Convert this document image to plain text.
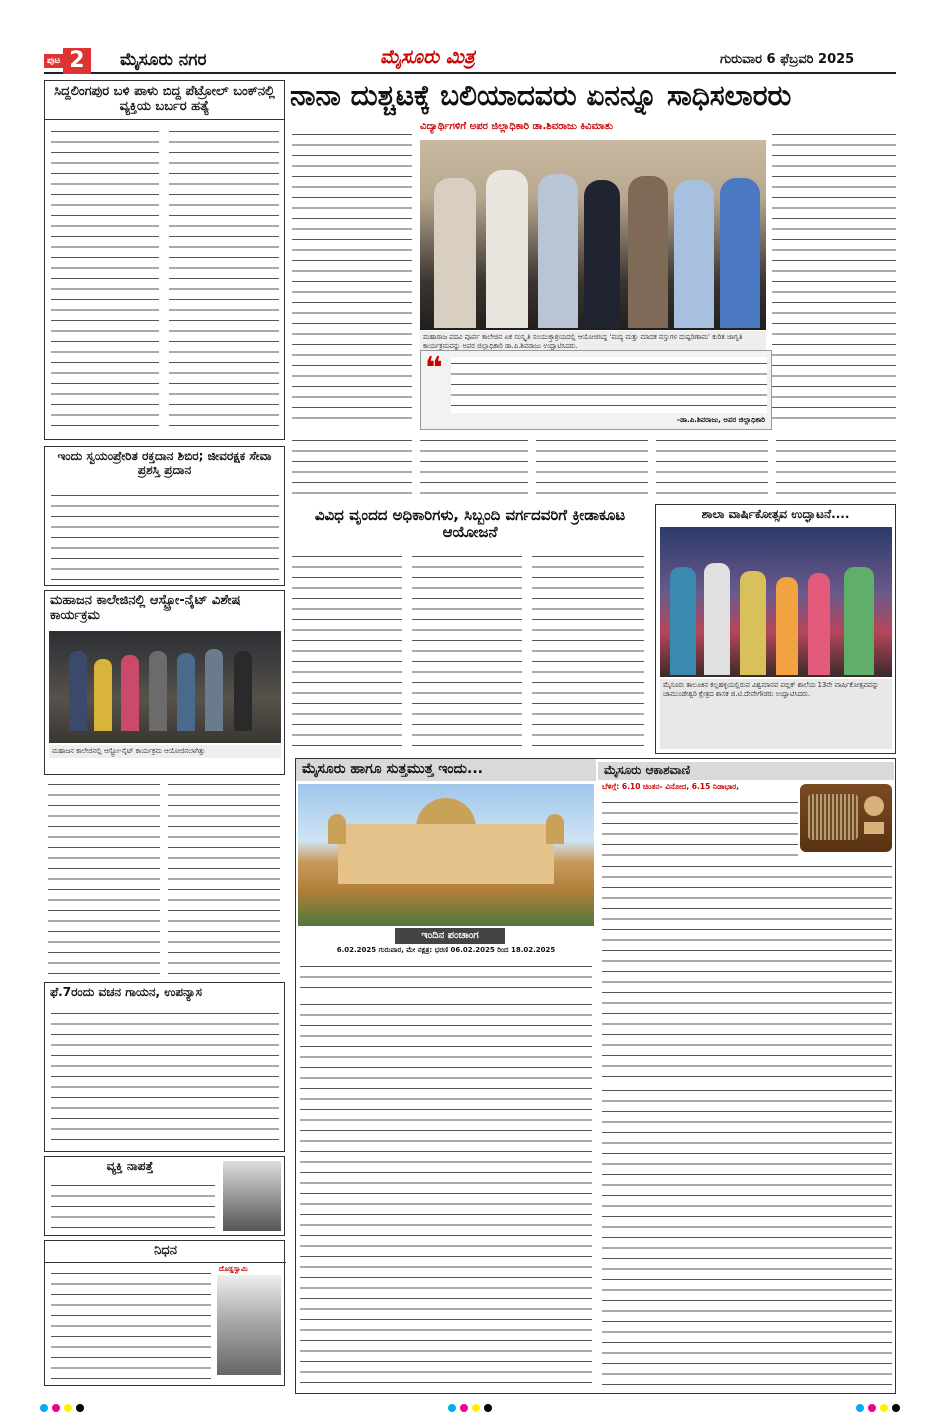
ಪುಟ 2	ಮೈಸೂರು ನಗರ	ಮೈಸೂರು ಮಿತ್ರ	ಗುರುವಾರ 6 ಫೆಬ್ರವರಿ 2025
ಸಿದ್ದಲಿಂಗಪುರ ಬಳಿ ಪಾಳು ಬಿದ್ದ ಪೆಟ್ರೋಲ್ ಬಂಕ್‌ನಲ್ಲಿ ವ್ಯಕ್ತಿಯ ಬರ್ಬರ ಹತ್ಯೆ
ಇಂದು ಸ್ವಯಂಪ್ರೇರಿತ ರಕ್ತದಾನ ಶಿಬಿರ; ಜೀವರಕ್ಷಕ ಸೇವಾ ಪ್ರಶಸ್ತಿ ಪ್ರದಾನ
ಮಹಾಜನ ಕಾಲೇಜಿನಲ್ಲಿ ಆಸ್ಟ್ರೋ-ನೈಟ್ ವಿಶೇಷ ಕಾರ್ಯಕ್ರಮ
ಮಹಾಜನ ಕಾಲೇಜಿನಲ್ಲಿ ಆಸ್ಟ್ರೋ-ನೈಟ್ ಕಾರ್ಯಕ್ರಮ ಆಯೋಜಿಸಲಾಗಿತ್ತು
ಫೆ.7ರಂದು ವಚನ ಗಾಯನ, ಉಪನ್ಯಾಸ
ವ್ಯಕ್ತಿ ನಾಪತ್ತೆ
ನಿಧನ
ದೊಡ್ಡಸ್ವಾಮಿ
ನಾನಾ ದುಶ್ಚಟಕ್ಕೆ ಬಲಿಯಾದವರು ಏನನ್ನೂ ಸಾಧಿಸಲಾರರು
ವಿದ್ಯಾರ್ಥಿಗಳಿಗೆ ಅಪರ ಜಿಲ್ಲಾಧಿಕಾರಿ ಡಾ.ಶಿವರಾಜು ಕಿವಿಮಾತು
ಮಹಾರಾಜ ಪದವಿ ಪೂರ್ವ ಕಾಲೇಜಿನ ಏಕ ಸಂಸ್ಕೃತಿ ಸಂಯುಕ್ತಾಶ್ರಯದಲ್ಲಿ ಆಯೋಜಿಸಿದ್ದ ‘ಮದ್ಯ ಮತ್ತು ಮಾದಕ ವಸ್ತುಗಳ ದುಷ್ಪರಿಣಾಮ’ ಕುರಿತ ಜಾಗೃತಿ ಕಾರ್ಯಕ್ರಮವನ್ನು ಅಪರ ಜಿಲ್ಲಾಧಿಕಾರಿ ಡಾ.ಪಿ.ಶಿವರಾಜು ಉದ್ಘಾಟಿಸಿದರು.
❝
–ಡಾ.ಪಿ.ಶಿವರಾಜು, ಅಪರ ಜಿಲ್ಲಾಧಿಕಾರಿ
ವಿವಿಧ ವೃಂದದ ಅಧಿಕಾರಿಗಳು, ಸಿಬ್ಬಂದಿ ವರ್ಗದವರಿಗೆ ಕ್ರೀಡಾಕೂಟ ಆಯೋಜನೆ
ಶಾಲಾ ವಾರ್ಷಿಕೋತ್ಸವ ಉದ್ಘಾಟನೆ....
ಮೈಸೂರು ತಾಲೂಕಿನ ಕಲ್ಲಹಳ್ಳಿಯಲ್ಲಿರುವ ವಿಶ್ವಮಾನವ ಪಬ್ಲಿಕ್ ಶಾಲೆಯ 13ನೇ ವಾರ್ಷಿಕೋತ್ಸವವನ್ನು ಚಾಮುಂಡೇಶ್ವರಿ ಕ್ಷೇತ್ರದ ಶಾಸಕ ಜಿ.ಟಿ.ದೇವೇಗೌಡರು ಉದ್ಘಾಟಿಸಿದರು.
ಮೈಸೂರು ಹಾಗೂ ಸುತ್ತಮುತ್ತ ಇಂದು...
ಇಂದಿನ ಪಂಚಾಂಗ
6.02.2025 ಗುರುವಾರ, ಮೇ ನಕ್ಷತ್ರ: ಭರಣಿ 06.02.2025 ರಿಂದ 18.02.2025
ಮೈಸೂರು ಆಕಾಶವಾಣಿ
ಬೆಳಿಗ್ಗೆ: 6.10 ಚಿಂತನ- ವಿನೋದ, 6.15 ನಿಡಾಭಾರ,
